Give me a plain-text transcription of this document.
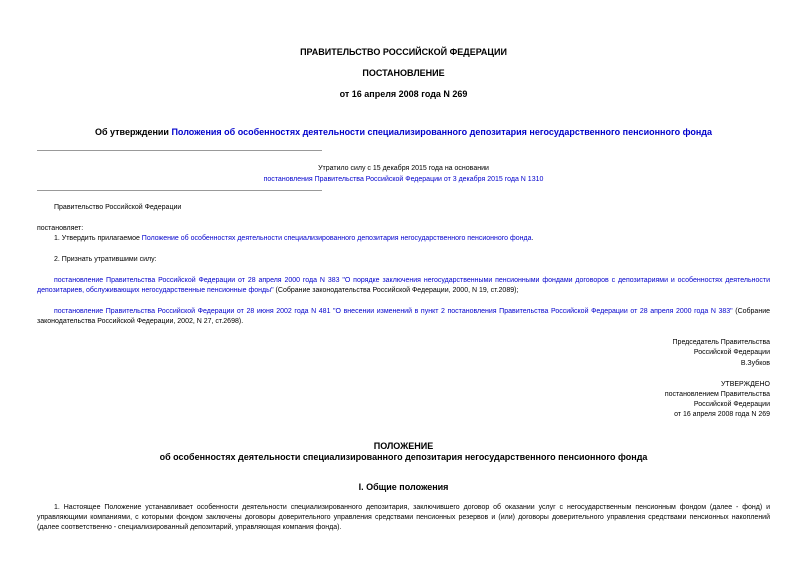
ПРАВИТЕЛЬСТВО РОССИЙСКОЙ ФЕДЕРАЦИИ
ПОСТАНОВЛЕНИЕ
от 16 апреля 2008 года N 269
Об утверждении Положения об особенностях деятельности специализированного депозитария негосударственного пенсионного фонда
Утратило силу с 15 декабря 2015 года на основании
постановления Правительства Российской Федерации от 3 декабря 2015 года N 1310
Правительство Российской Федерации
постановляет:
1. Утвердить прилагаемое Положение об особенностях деятельности специализированного депозитария негосударственного пенсионного фонда.
2. Признать утратившими силу:
постановление Правительства Российской Федерации от 28 апреля 2000 года N 383 "О порядке заключения негосударственными пенсионными фондами договоров с депозитариями и особенностях деятельности депозитариев, обслуживающих негосударственные пенсионные фонды" (Собрание законодательства Российской Федерации, 2000, N 19, ст.2089);
постановление Правительства Российской Федерации от 28 июня 2002 года N 481 "О внесении изменений в пункт 2 постановления Правительства Российской Федерации от 28 апреля 2000 года N 383" (Собрание законодательства Российской Федерации, 2002, N 27, ст.2698).
Председатель Правительства
Российской Федерации
В.Зубков
УТВЕРЖДЕНО
постановлением Правительства
Российской Федерации
от 16 апреля 2008 года N 269
ПОЛОЖЕНИЕ
об особенностях деятельности специализированного депозитария негосударственного пенсионного фонда
I. Общие положения
1. Настоящее Положение устанавливает особенности деятельности специализированного депозитария, заключившего договор об оказании услуг с негосударственным пенсионным фондом (далее - фонд) и управляющими компаниями, с которыми фондом заключены договоры доверительного управления средствами пенсионных резервов и (или) договоры доверительного управления средствами пенсионных накоплений (далее соответственно - специализированный депозитарий, управляющая компания фонда).
